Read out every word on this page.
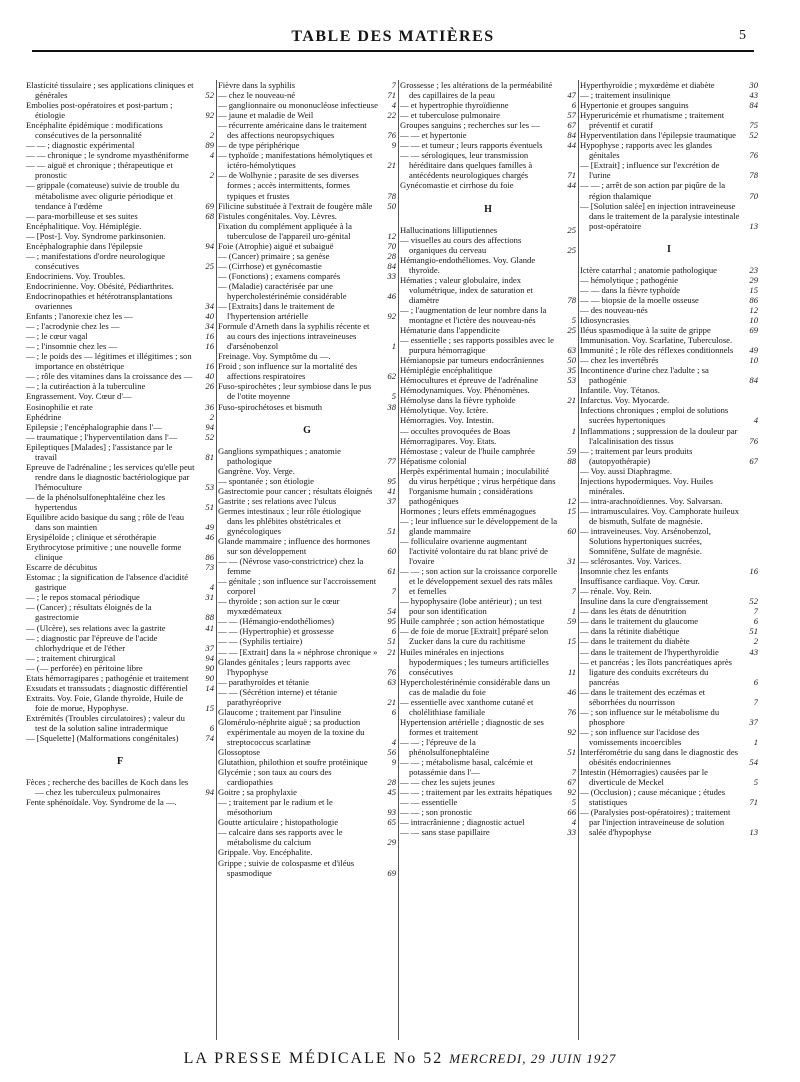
TABLE DES MATIÈRES	5

Elasticité tissulaire ; ses applications cliniques et générales	52

Embolies post-opératoires et post-partum ; étiologie	92

Encéphalite épidémique : modifications consécutives de la personnalité	2

— — ; diagnostic expérimental	89

— — chronique ; le syndrome myasthéniforme 4

— — aiguë et chronique ; thérapeutique et pronostic	2

— grippale (comateuse) suivie de trouble du métabolisme avec oligurie périodique et tendance à l'œdème	69

— para-morbilleuse et ses suites	68

Encéphalitique. Voy. Hémiplégie.

— [Post-]. Voy. Syndrome parkinsonien.

Encéphalographie dans l'épilepsie	94

— ; manifestations d'ordre neurologique consécutives	25

Endocriniens. Voy. Troubles.

Endocrinienne. Voy. Obésité, Pédiarthrites.

Endocrinopathies et hétérotransplantations ovariennes	34

Enfants ; l'anorexie chez les —	40

— ; l'acrodynie chez les —	34

— ; le cœur vagal	16

— ; l'insomnie chez les —	16

— ; le poids des — légitimes et illégitimes ; son importance en obstétrique	16

— ; rôle des vitamines dans la croissance des — 40

— ; la cutiréaction à la tuberculine	26

Engrassement. Voy. Cœur d'—

Eosinophilie et rate	36

Ephédrine	2

Epilepsie ; l'encéphalographie dans l'—	94

— traumatique ; l'hyperventilation dans l'—	52

Epileptiques [Malades] ; l'assistance par le travail	81

Epreuve de l'adrénaline ; les services qu'elle peut rendre dans le diagnostic bactériologique par l'hémoculture	53

— de la phénolsulfonephtaléine chez les hypertendus	51

Equilibre acido basique du sang ; rôle de l'eau dans son maintien	49

Erysipéloïde ; clinique et sérothérapie	46

Erythrocytose primitive ; une nouvelle forme clinique	86

Escarre de décubitus	73

Estomac ; la signification de l'absence d'acidité gastrique	4

— ; le repos stomacal périodique	31

— (Cancer) ; résultats éloignés de la gastrectomie	88

— (Ulcère), ses relations avec la gastrite	41

— ; diagnostic par l'épreuve de l'acide chlorhydrique et de l'éther	37

— ; traitement chirurgical	94

— (— perforée) en péritoine libre	90

Etats hémorragipares ; pathogénie et traitement 90

Exsudats et transsudats ; diagnostic différentiel 14

Extraits. Voy. Foie, Glande thyroïde, Huile de foie de morue, Hypophyse.	15

Extrémités (Troubles circulatoires) ; valeur du test de la solution saline intradermique	6

— [Squelette] (Malformations congénitales)	74

F

Fèces ; recherche des bacilles de Koch dans les — chez les tuberculeux pulmonaires	94

Fente sphénoïdale. Voy. Syndrome de la —.

Fièvre dans la syphilis	7

— chez le nouveau-né	71

— ganglionnaire ou mononucléose infectieuse 4

— jaune et maladie de Weil	22

— récurrente américaine dans le traitement des affections neuropsychiques	76

— de type périphérique	9

— typhoïde ; manifestations hémolytiques et ictéro-hémolytiques	21

— de Wolhynie ; parasite de ses diverses formes ; accès intermittents, formes typiques et frustes	78

Filicine substituée à l'extrait de fougère mâle 50

Fistules congénitales. Voy. Lèvres.

Fixation du complément appliquée à la tuberculose de l'appareil uro-génital	12

Foie (Atrophie) aiguë et subaiguë	70

— (Cancer) primaire ; sa genèse	28

— (Cirrhose) et gynécomastie	84

— (Fonctions) ; examens comparés	33

— (Maladie) caractérisée par une hypercholestérinémie considérable	46

— [Extraits] dans le traitement de l'hypertension artérielle	92

Formule d'Arneth dans la syphilis récente et au cours des injections intraveineuses d'arsénobenzol	1

Freinage. Voy. Symptôme du —.

Froid ; son influence sur la mortalité des affections respiratoires	62

Fuso-spirochètes ; leur symbiose dans le pus de l'otite moyenne	5

Fuso-spirochétoses et bismuth	38

G

Ganglions sympathiques ; anatomie pathologique	77

Gangrène. Voy. Verge.

— spontanée ; son étiologie	95

Gastrectomie pour cancer ; résultats éloignés 41

Gastrite ; ses relations avec l'ulcus	37

Germes intestinaux ; leur rôle étiologique dans les phlébites obstétricales et gynécologiques	51

Glande mammaire ; influence des hormones sur son développement	60

— — (Névrose vaso-constrictrice) chez la femme	61

— génitale ; son influence sur l'accroissement corporel	7

— thyroïde ; son action sur le cœur myxœdémateux	54

— — (Hémangio-endothéliomes)	95

— — (Hypertrophie) et grossesse	6

— — (Syphilis tertiaire)	51

— — [Extrait] dans la « néphrose chronique » 21

Glandes génitales ; leurs rapports avec l'hypophyse	76

— parathyroïdes et tétanie	63

— — (Sécrétion interne) et tétanie parathyréoprive	21

Glaucome ; traitement par l'insuline	6

Glomérulo-néphrite aiguë ; sa production expérimentale au moyen de la toxine du streptococcus scarlatinæ	4

Glossoptose	56

Glutathion, philothion et soufre protéinique	9

Glycémie ; son taux au cours des cardiopathies	28

Goitre ; sa prophylaxie	45

— ; traitement par le radium et le mésothorium	93

Goutte articulaire ; histopathologie	65

— calcaire dans ses rapports avec le métabolisme du calcium	29

Grippale. Voy. Encéphalite.

Grippe ; suivie de colospasme et d'iléus spasmodique	69

Grossesse ; les altérations de la perméabilité des capillaires de la peau	47

— et hypertrophie thyroïdienne	6

— et tuberculose pulmonaire	57

Groupes sanguins ; recherches sur les —	67

— — et hypertonie	84

— — et tumeur ; leurs rapports éventuels	44

— — sérologiques, leur transmission héréditaire dans quelques familles à antécédents neurologiques chargés	71

Gynécomastie et cirrhose du foie	44

H

Hallucinations lilliputiennes	25

— visuelles au cours des affections organiques du cerveau	25

Hémangio-endothéliomes. Voy. Glande thyroïde.

Hématies ; valeur globulaire, index volumétrique, index de saturation et diamètre	78

— ; l'augmentation de leur nombre dans la montagne et l'ictère des nouveau-nés	5

Hématurie dans l'appendicite	25

— essentielle ; ses rapports possibles avec le purpura hémorragique	63

Hémianopsie par tumeurs endocrâniennes	50

Hémiplégie encéphalitique	35

Hémocultures et épreuve de l'adrénaline	53

Hémodynamiques. Voy. Phénomènes.

Hémolyse dans la fièvre typhoïde	21

Hémolytique. Voy. Ictère.

Hémorragies. Voy. Intestin.

— occultes provoquées de Boas	1

Hémorragipares. Voy. Etats.

Hémostase ; valeur de l'huile camphrée	59

Hépatisme colonial	88

Herpès expérimental humain ; inoculabilité du virus herpétique ; virus herpétique dans l'organisme humain ; considérations pathogéniques	12

Hormones ; leurs effets emménagogues	15

— ; leur influence sur le développement de la glande mammaire	60

— folliculaire ovarienne augmentant l'activité volontaire du rat blanc privé de l'ovaire	31

— — ; son action sur la croissance corporelle et le développement sexuel des rats mâles et femelles	7

— hypophysaire (lobe antérieur) ; un test pour son identification	1

Huile camphrée ; son action hémostatique	59

— de foie de morue [Extrait] préparé selon Zucker dans la cure du rachitisme	15

Huiles minérales en injections hypodermiques ; les tumeurs artificielles consécutives	11

Hypercholestérinémie considérable dans un cas de maladie du foie	46

— essentielle avec xanthome cutané et cholélithiase familiale	76

Hypertension artérielle ; diagnostic de ses formes et traitement	92

— — ; l'épreuve de la phénolsulfonephtaléine	51

— — ; métabolisme basal, calcémie et potassémie dans l'—	7

— — chez les sujets jeunes	67

— — ; traitement par les extraits hépatiques 92

— — essentielle	5

— — ; son pronostic	66

— intracrânienne ; diagnostic actuel	4

— — sans stase papillaire	33

Hyperthyroïdie ; myxœdème et diabète	30

— ; traitement insulinique	43

Hypertonie et groupes sanguins	84

Hyperuricémie et rhumatisme ; traitement préventif et curatif	75

Hyperventilation dans l'épilepsie traumatique 52

Hypophyse ; rapports avec les glandes génitales	76

— [Extrait] ; influence sur l'excrétion de l'urine	78

— — ; arrêt de son action par piqûre de la région thalamique	70

— [Solution salée] en injection intraveineuse dans le traitement de la paralysie intestinale post-opératoire	13

I

Ictère catarrhal ; anatomie pathologique	23

— hémolytique ; pathogénie	29

— — dans la fièvre typhoïde	15

— — biopsie de la moelle osseuse	86

— des nouveau-nés	12

Idiosyncrasies	10

Iléus spasmodique à la suite de grippe	69

Immunisation. Voy. Scarlatine, Tuberculose.

Immunité ; le rôle des réflexes conditionnels 49

— chez les invertébrés	10

Incontinence d'urine chez l'adulte ; sa pathogénie	84

Infantile. Voy. Tétanos.

Infarctus. Voy. Myocarde.

Infections chroniques ; emploi de solutions sucrées hypertoniques	4

Inflammations ; suppression de la douleur par l'alcalinisation des tissus	76

— ; traitement par leurs produits (autopyothérapie)	67

— Voy. aussi Diaphragme.

Injections hypodermiques. Voy. Huiles minérales.

— intra-arachnoïdiennes. Voy. Salvarsan.

— intramusculaires. Voy. Camphorate huileux de bismuth, Sulfate de magnésie.

— intraveineuses. Voy. Arsénobenzol, Solutions hypertoniques sucrées, Somnifène, Sulfate de magnésie.

— sclérosantes. Voy. Varices.

Insomnie chez les enfants	16

Insuffisance cardiaque. Voy. Cœur.

— rénale. Voy. Rein.

Insuline dans la cure d'engraissement	52

— dans les états de dénutrition	7

— dans le traitement du glaucome	6

— dans la rétinite diabétique	51

— dans le traitement du diabète	2

— dans le traitement de l'hyperthyroïdie	43

— et pancréas ; les îlots pancréatiques après ligature des conduits excréteurs du pancréas	6

— dans le traitement des eczémas et séborrhées du nourrisson	7

— ; son influence sur le métabolisme du phosphore	37

— ; son influence sur l'acidose des vomissements incoercibles	1

Interférométrie du sang dans le diagnostic des obésités endocriniennes	54

Intestin (Hémorragies) causées par le diverticule de Meckel	5

— (Occlusion) ; cause mécanique ; études statistiques	71

— (Paralysies post-opératoires) ; traitement par l'injection intraveineuse de solution salée d'hypophyse	13

LA PRESSE MÉDICALE No 52 MERCREDI, 29 JUIN 1927
